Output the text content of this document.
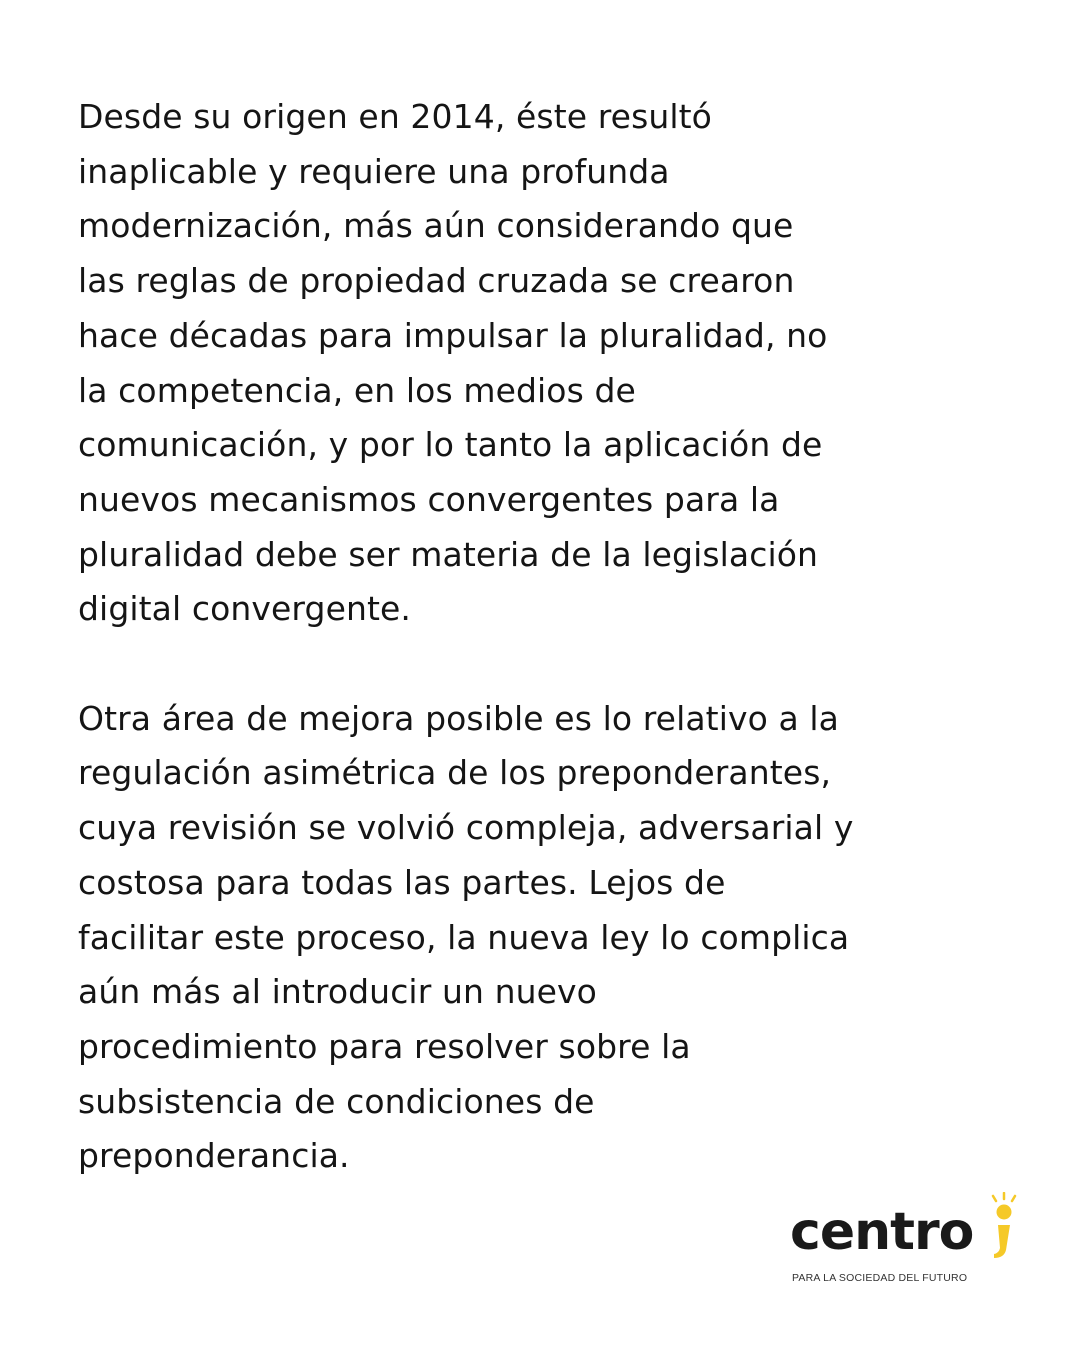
Desde su origen en 2014, éste resultó
inaplicable y requiere una profunda
modernización, más aún considerando que
las reglas de propiedad cruzada se crearon
hace décadas para impulsar la pluralidad, no
la competencia, en los medios de
comunicación, y por lo tanto la aplicación de
nuevos mecanismos convergentes para la
pluralidad debe ser materia de la legislación
digital convergente.
Otra área de mejora posible es lo relativo a la
regulación asimétrica de los preponderantes,
cuya revisión se volvió compleja, adversarial y
costosa para todas las partes. Lejos de
facilitar este proceso, la nueva ley lo complica
aún más al introducir un nuevo
procedimiento para resolver sobre la
subsistencia de condiciones de
preponderancia.
centro
PARA LA SOCIEDAD DEL FUTURO
